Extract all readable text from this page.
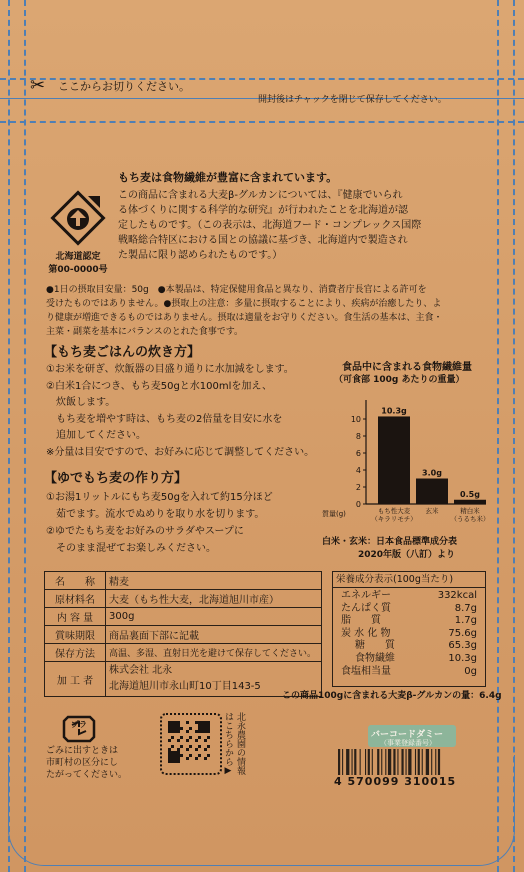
✂ ここからお切りください。
開封後はチャックを閉じて保存してください。
もち麦は食物繊維が豊富に含まれています。
北海道認定
第00-0000号
この商品に含まれる大麦β-グルカンについては、『健康でいられ
る体づくりに関する科学的な研究』が行われたことを北海道が認
定したものです。（この表示は、北海道フード・コンプレックス国際
戦略総合特区における国との協議に基づき、北海道内で製造され
た製品に限り認められたものです。）
●1日の摂取目安量：50g　●本製品は、特定保健用食品と異なり、消費者庁長官による許可を
受けたものではありません。●摂取上の注意：多量に摂取することにより、疾病が治癒したり、よ
り健康が増進できるものではありません。摂取は適量をお守りください。食生活の基本は、主食・
主菜・副菜を基本にバランスのとれた食事です。
【もち麦ごはんの炊き方】
①お米を研ぎ、炊飯器の目盛り通りに水加減をします。
②白米1合につき、もち麦50gと水100mlを加え、
　炊飯します。
　もち麦を増やす時は、もち麦の2倍量を目安に水を
　追加してください。
※分量は目安ですので、お好みに応じて調整してください。
【ゆでもち麦の作り方】
①お湯1リットルにもち麦50gを入れて約15分ほど
　茹でます。流水でぬめりを取り水を切ります。
②ゆでたもち麦をお好みのサラダやスープに
　そのまま混ぜてお楽しみください。
食品中に含まれる食物繊維量
（可食部 100g あたりの重量）
0
2
4
6
8
10
質量(g)
10.3g
もち性大麦
（キラリモチ）
3.0g
玄米
0.5g
精白米
（うるち米）
白米・玄米：日本食品標準成分表
2020年版（八訂）より
名　　称	精麦
原材料名	大麦（もち性大麦，北海道旭川市産）
内 容 量	300g
賞味期限	商品裏面下部に記載
保存方法	高温、多湿、直射日光を避けて保存してください。
加 工 者	株式会社 北永
北海道旭川市永山町10丁目143-5
栄養成分表示(100g当たり)
エネルギー	332kcal
たんぱく質	8.7g
脂　　質	1.7g
炭 水 化 物	75.6g
糖　　質	65.3g
食物繊維	10.3g
食塩相当量	0g
この商品100gに含まれる大麦β-グルカンの量：6.4g
プラ
ごみに出すときは
市町村の区分にし
たがってください。	北永農園の情報
はこちらから▶	バーコードダミー
（事業登録番号）
4 570099 310015
